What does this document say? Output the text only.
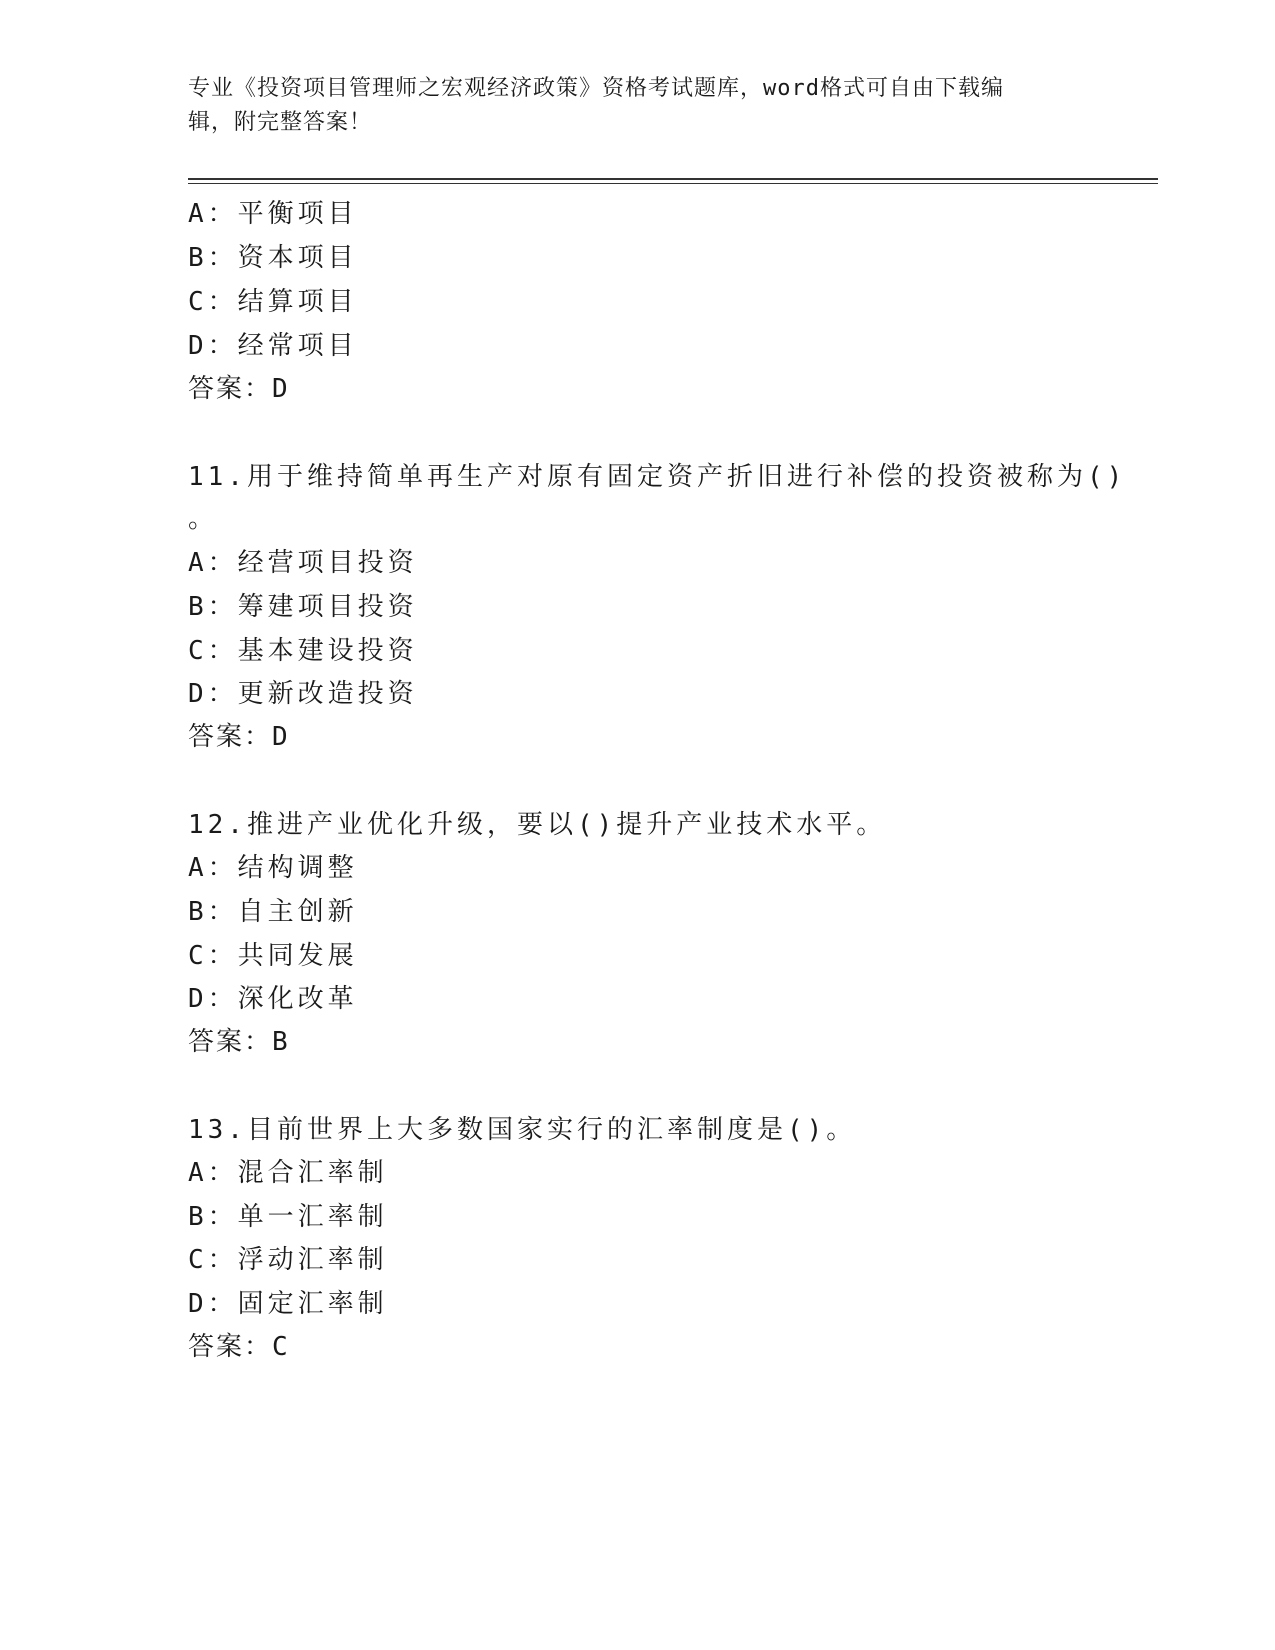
专业《投资项目管理师之宏观经济政策》资格考试题库，word格式可自由下载编
辑，附完整答案！
A：平衡项目
B：资本项目
C：结算项目
D：经常项目
答案：D
11.用于维持简单再生产对原有固定资产折旧进行补偿的投资被称为()
。
A：经营项目投资
B：筹建项目投资
C：基本建设投资
D：更新改造投资
答案：D
12.推进产业优化升级，要以()提升产业技术水平。
A：结构调整
B：自主创新
C：共同发展
D：深化改革
答案：B
13.目前世界上大多数国家实行的汇率制度是()。
A：混合汇率制
B：单一汇率制
C：浮动汇率制
D：固定汇率制
答案：C
